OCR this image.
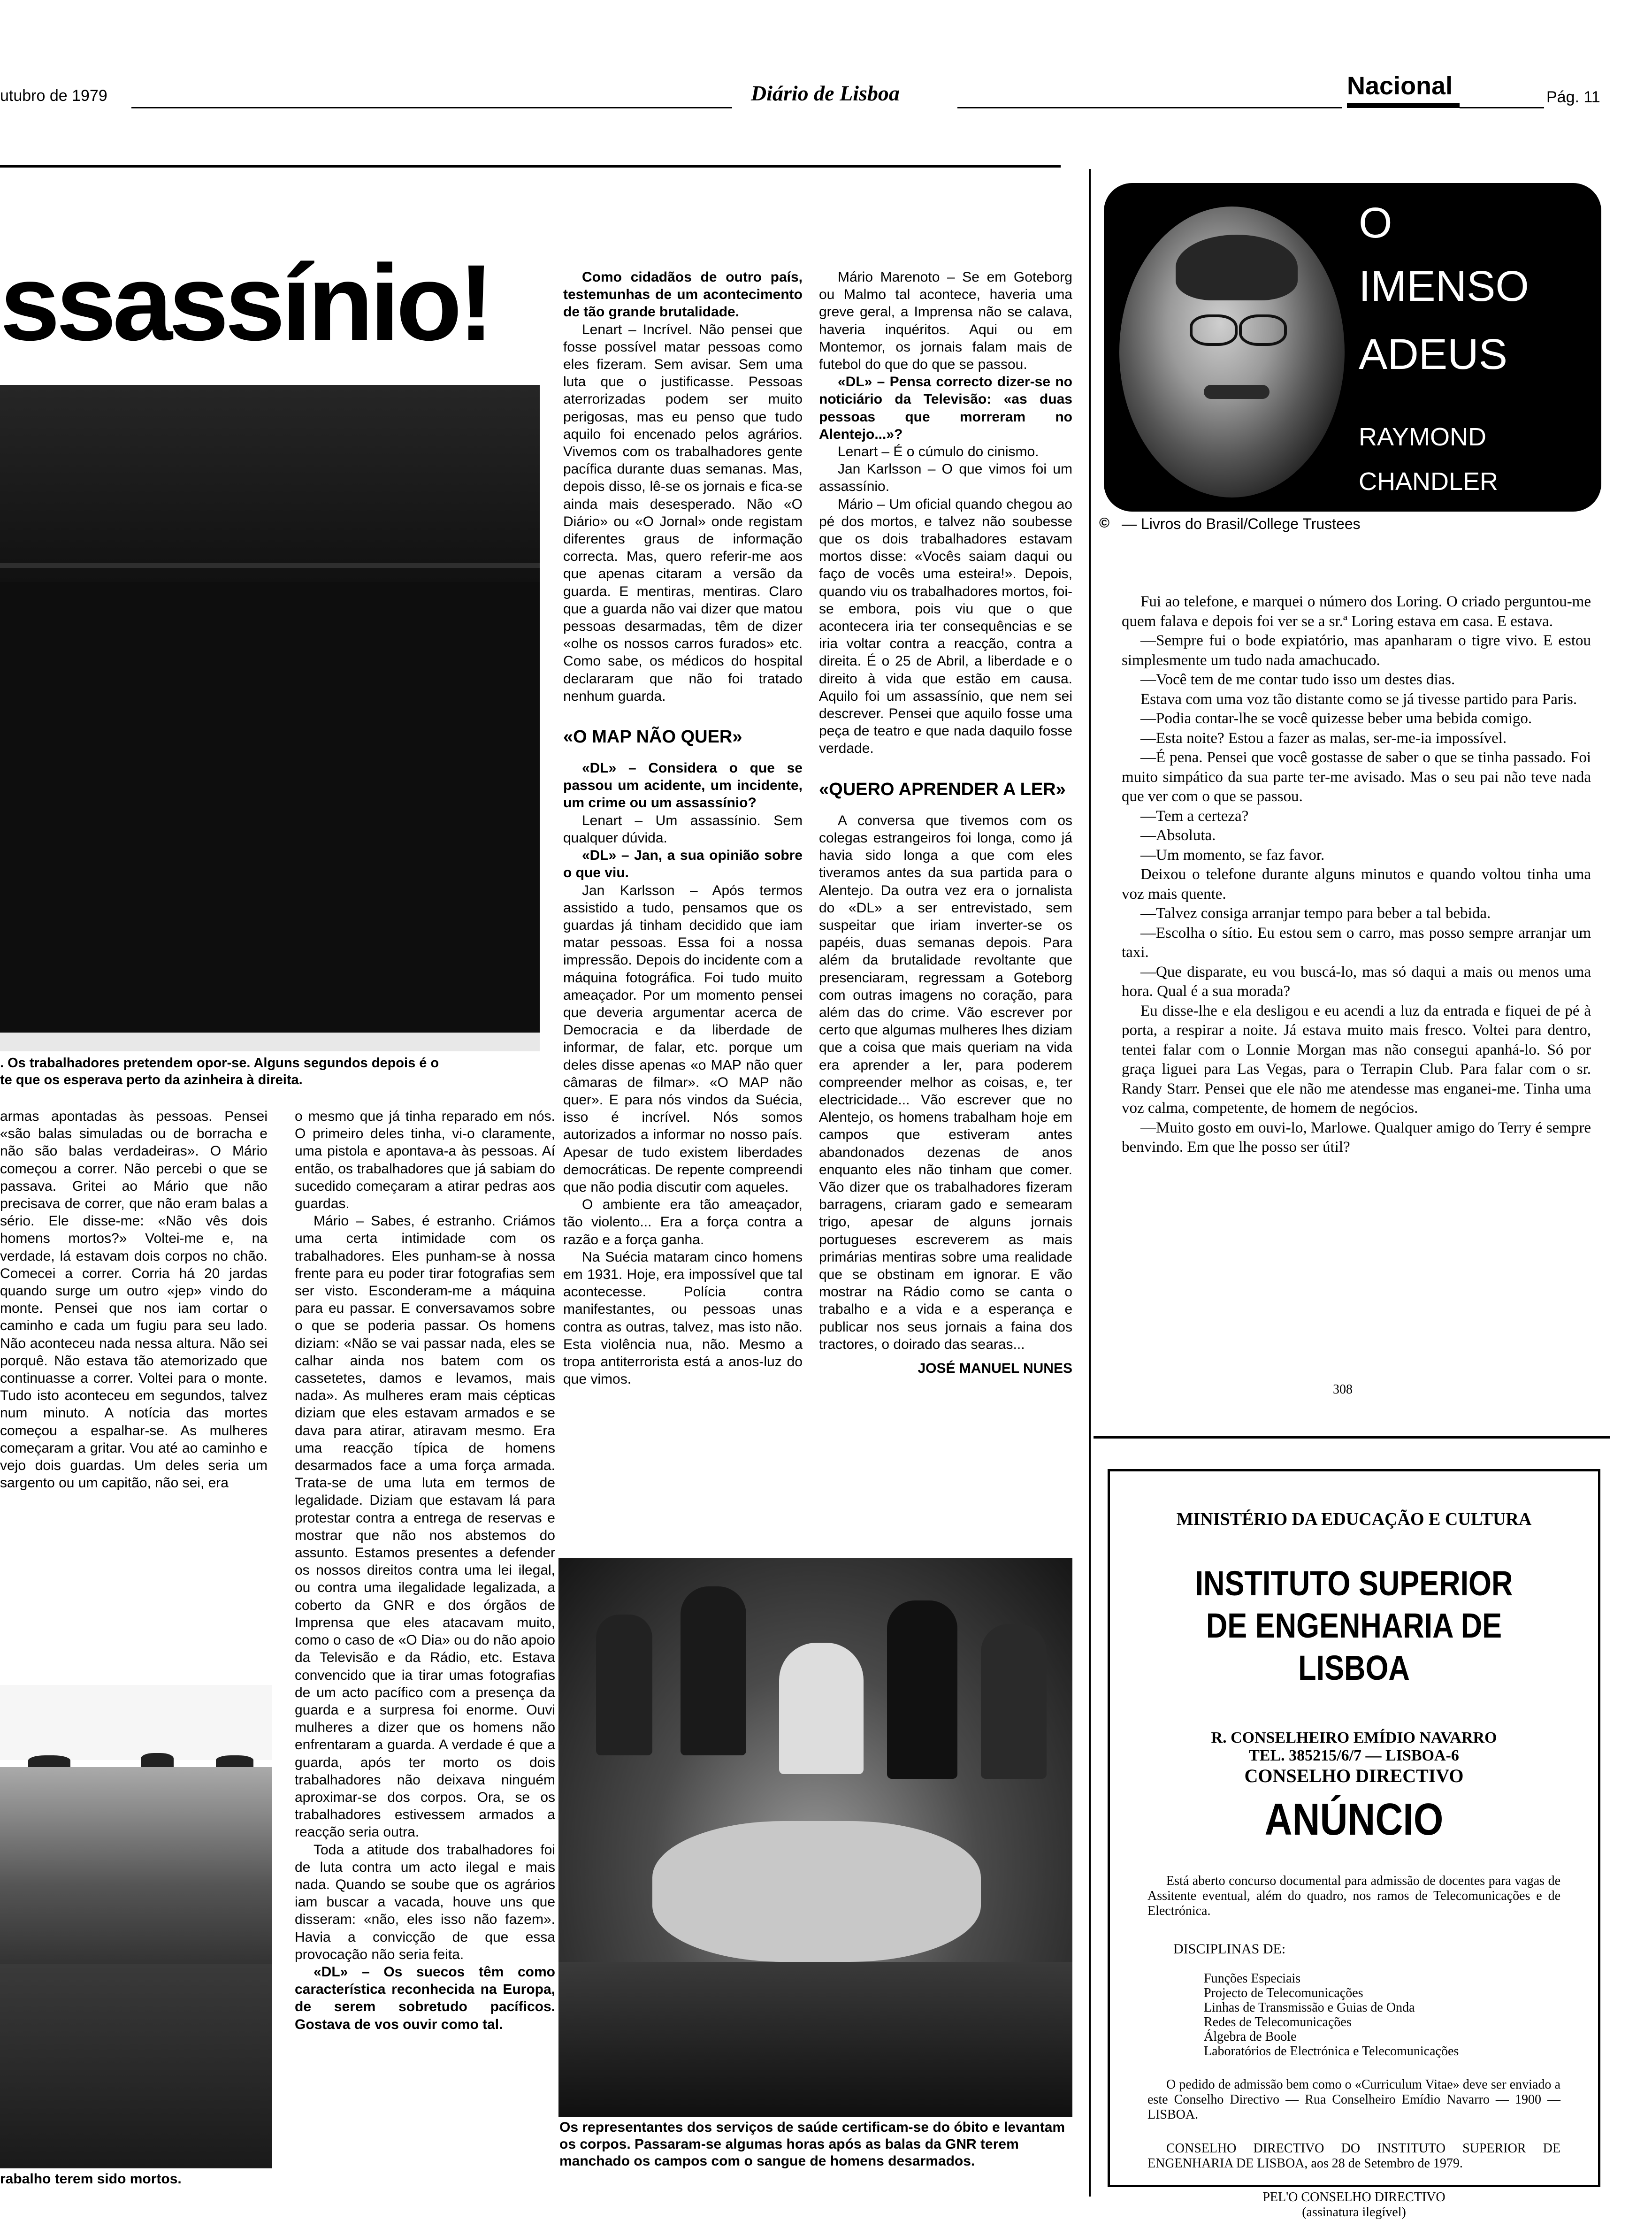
utubro de 1979	Diário de Lisboa	Nacional	Pág. 11
ssassínio!
. Os trabalhadores pretendem opor-se. Alguns segundos depois é o
te que os esperava perto da azinheira à direita.

armas apontadas às pessoas. Pensei «são balas simuladas ou de borracha e não são balas verdadeiras». O Mário começou a correr. Não percebi o que se passava. Gritei ao Mário que não precisava de correr, que não eram balas a sério. Ele disse-me: «Não vês dois homens mortos?» Voltei-me e, na verdade, lá estavam dois corpos no chão. Comecei a correr. Corria há 20 jardas quando surge um outro «jep» vindo do monte. Pensei que nos iam cortar o caminho e cada um fugiu para seu lado. Não aconteceu nada nessa altura. Não sei porquê. Não estava tão atemorizado que continuasse a correr. Voltei para o monte. Tudo isto aconteceu em segundos, talvez num minuto. A notícia das mortes começou a espalhar-se. As mulheres começaram a gritar. Vou até ao caminho e vejo dois guardas. Um deles seria um sargento ou um capitão, não sei, era

rabalho terem sido mortos.

o mesmo que já tinha reparado em nós. O primeiro deles tinha, vi-o claramente, uma pistola e apontava-a às pessoas. Aí então, os trabalhadores que já sabiam do sucedido começaram a atirar pedras aos guardas.

Mário – Sabes, é estranho. Criámos uma certa intimidade com os trabalhadores. Eles punham-se à nossa frente para eu poder tirar fotografias sem ser visto. Esconderam-me a máquina para eu passar. E conversavamos sobre o que se poderia passar. Os homens diziam: «Não se vai passar nada, eles se calhar ainda nos batem com os cassetetes, damos e levamos, mais nada». As mulheres eram mais cépticas diziam que eles estavam armados e se dava para atirar, atiravam mesmo. Era uma reacção típica de homens desarmados face a uma força armada. Trata-se de uma luta em termos de legalidade. Diziam que estavam lá para protestar contra a entrega de reservas e mostrar que não nos abstemos do assunto. Estamos presentes a defender os nossos direitos contra uma lei ilegal, ou contra uma ilegalidade legalizada, a coberto da GNR e dos órgãos de Imprensa que eles atacavam muito, como o caso de «O Dia» ou do não apoio da Televisão e da Rádio, etc. Estava convencido que ia tirar umas fotografias de um acto pacífico com a presença da guarda e a surpresa foi enorme. Ouvi mulheres a dizer que os homens não enfrentaram a guarda. A verdade é que a guarda, após ter morto os dois trabalhadores não deixava ninguém aproximar-se dos corpos. Ora, se os trabalhadores estivessem armados a reacção seria outra.

Toda a atitude dos trabalhadores foi de luta contra um acto ilegal e mais nada. Quando se soube que os agrários iam buscar a vacada, houve uns que disseram: «não, eles isso não fazem». Havia a convicção de que essa provocação não seria feita.

«DL» – Os suecos têm como característica reconhecida na Europa, de serem sobretudo pacíficos. Gostava de vos ouvir como tal.

Como cidadãos de outro país, testemunhas de um acontecimento de tão grande brutalidade.

Lenart – Incrível. Não pensei que fosse possível matar pessoas como eles fizeram. Sem avisar. Sem uma luta que o justificasse. Pessoas aterrorizadas podem ser muito perigosas, mas eu penso que tudo aquilo foi encenado pelos agrários. Vivemos com os trabalhadores gente pacífica durante duas semanas. Mas, depois disso, lê-se os jornais e fica-se ainda mais desesperado. Não «O Diário» ou «O Jornal» onde registam diferentes graus de informação correcta. Mas, quero referir-me aos que apenas citaram a versão da guarda. E mentiras, mentiras. Claro que a guarda não vai dizer que matou pessoas desarmadas, têm de dizer «olhe os nossos carros furados» etc. Como sabe, os médicos do hospital declararam que não foi tratado nenhum guarda.

«O MAP NÃO QUER»

«DL» – Considera o que se passou um acidente, um incidente, um crime ou um assassínio?

Lenart – Um assassínio. Sem qualquer dúvida.

«DL» – Jan, a sua opinião sobre o que viu.

Jan Karlsson – Após termos assistido a tudo, pensamos que os guardas já tinham decidido que iam matar pessoas. Essa foi a nossa impressão. Depois do incidente com a máquina fotográfica. Foi tudo muito ameaçador. Por um momento pensei que deveria argumentar acerca de Democracia e da liberdade de informar, de falar, etc. porque um deles disse apenas «o MAP não quer câmaras de filmar». «O MAP não quer». E para nós vindos da Suécia, isso é incrível. Nós somos autorizados a informar no nosso país. Apesar de tudo existem liberdades democráticas. De repente compreendi que não podia discutir com aqueles.

O ambiente era tão ameaçador, tão violento... Era a força contra a razão e a força ganha.

Na Suécia mataram cinco homens em 1931. Hoje, era impossível que tal acontecesse. Polícia contra manifestantes, ou pessoas unas contra as outras, talvez, mas isto não. Esta violência nua, não. Mesmo a tropa antiterrorista está a anos-luz do que vimos.

Mário Marenoto – Se em Goteborg ou Malmo tal acontece, haveria uma greve geral, a Imprensa não se calava, haveria inquéritos. Aqui ou em Montemor, os jornais falam mais de futebol do que do que se passou.

«DL» – Pensa correcto dizer-se no noticiário da Televisão: «as duas pessoas que morreram no Alentejo...»?

Lenart – É o cúmulo do cinismo.

Jan Karlsson – O que vimos foi um assassínio.

Mário – Um oficial quando chegou ao pé dos mortos, e talvez não soubesse que os dois trabalhadores estavam mortos disse: «Vocês saiam daqui ou faço de vocês uma esteira!». Depois, quando viu os trabalhadores mortos, foi-se embora, pois viu que o que acontecera iria ter consequências e se iria voltar contra a reacção, contra a direita. É o 25 de Abril, a liberdade e o direito à vida que estão em causa. Aquilo foi um assassínio, que nem sei descrever. Pensei que aquilo fosse uma peça de teatro e que nada daquilo fosse verdade.

«QUERO APRENDER A LER»

A conversa que tivemos com os colegas estrangeiros foi longa, como já havia sido longa a que com eles tiveramos antes da sua partida para o Alentejo. Da outra vez era o jornalista do «DL» a ser entrevistado, sem suspeitar que iriam inverter-se os papéis, duas semanas depois. Para além da brutalidade revoltante que presenciaram, regressam a Goteborg com outras imagens no coração, para além das do crime. Vão escrever por certo que algumas mulheres lhes diziam que a coisa que mais queriam na vida era aprender a ler, para poderem compreender melhor as coisas, e, ter electricidade... Vão escrever que no Alentejo, os homens trabalham hoje em campos que estiveram antes abandonados dezenas de anos enquanto eles não tinham que comer. Vão dizer que os trabalhadores fizeram barragens, criaram gado e semearam trigo, apesar de alguns jornais portugueses escreverem as mais primárias mentiras sobre uma realidade que se obstinam em ignorar. E vão mostrar na Rádio como se canta o trabalho e a vida e a esperança e publicar nos seus jornais a faina dos tractores, o doirado das searas...

JOSÉ MANUEL NUNES
Os representantes dos serviços de saúde certificam-se do óbito e levantam os corpos. Passaram-se algumas horas após as balas da GNR terem manchado os campos com o sangue de homens desarmados.
O
IMENSO
ADEUS
RAYMOND
CHANDLER
© — Livros do Brasil/College Trustees

Fui ao telefone, e marquei o número dos Loring. O criado perguntou-me quem falava e depois foi ver se a sr.ª Loring estava em casa. E estava.

—Sempre fui o bode expiatório, mas apanharam o tigre vivo. E estou simplesmente um tudo nada amachucado.

—Você tem de me contar tudo isso um destes dias.

Estava com uma voz tão distante como se já tivesse partido para Paris.

—Podia contar-lhe se você quizesse beber uma bebida comigo.

—Esta noite? Estou a fazer as malas, ser-me-ia impossível.

—É pena. Pensei que você gostasse de saber o que se tinha passado. Foi muito simpático da sua parte ter-me avisado. Mas o seu pai não teve nada que ver com o que se passou.

—Tem a certeza?

—Absoluta.

—Um momento, se faz favor.

Deixou o telefone durante alguns minutos e quando voltou tinha uma voz mais quente.

—Talvez consiga arranjar tempo para beber a tal bebida.

—Escolha o sítio. Eu estou sem o carro, mas posso sempre arranjar um taxi.

—Que disparate, eu vou buscá-lo, mas só daqui a mais ou menos uma hora. Qual é a sua morada?

Eu disse-lhe e ela desligou e eu acendi a luz da entrada e fiquei de pé à porta, a respirar a noite. Já estava muito mais fresco. Voltei para dentro, tentei falar com o Lonnie Morgan mas não consegui apanhá-lo. Só por graça liguei para Las Vegas, para o Terrapin Club. Para falar com o sr. Randy Starr. Pensei que ele não me atendesse mas enganei-me. Tinha uma voz calma, competente, de homem de negócios.

—Muito gosto em ouvi-lo, Marlowe. Qualquer amigo do Terry é sempre benvindo. Em que lhe posso ser útil?

308
MINISTÉRIO DA EDUCAÇÃO E CULTURA
INSTITUTO SUPERIOR
DE ENGENHARIA DE LISBOA
R. CONSELHEIRO EMÍDIO NAVARRO
TEL. 385215/6/7 — LISBOA-6
CONSELHO DIRECTIVO
ANÚNCIO
Está aberto concurso documental para admissão de docentes para vagas de Assitente eventual, além do quadro, nos ramos de Telecomunicações e de Electrónica.
DISCIPLINAS DE:
Funções Especiais
Projecto de Telecomunicações
Linhas de Transmissão e Guias de Onda
Redes de Telecomunicações
Álgebra de Boole
Laboratórios de Electrónica e Telecomunicações
O pedido de admissão bem como o «Curriculum Vitae» deve ser enviado a este Conselho Directivo — Rua Conselheiro Emídio Navarro — 1900 — LISBOA.
CONSELHO DIRECTIVO DO INSTITUTO SUPERIOR DE ENGENHARIA DE LISBOA, aos 28 de Setembro de 1979.
PEL'O CONSELHO DIRECTIVO
(assinatura ilegível)
